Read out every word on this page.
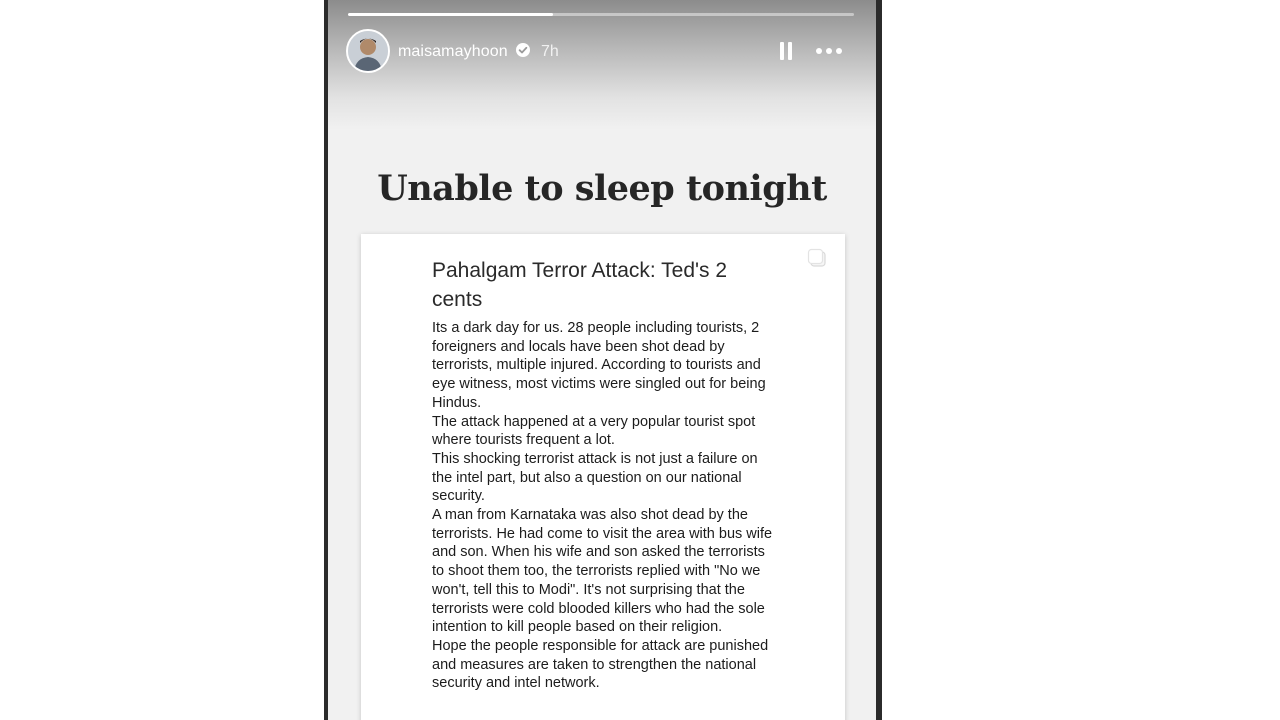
maisamayhoon 7h
Unable to sleep tonight
Pahalgam Terror Attack: Ted's 2 cents

Its a dark day for us. 28 people including tourists, 2 foreigners and locals have been shot dead by terrorists, multiple injured. According to tourists and eye witness, most victims were singled out for being Hindus.

The attack happened at a very popular tourist spot where tourists frequent a lot.

This shocking terrorist attack is not just a failure on the intel part, but also a question on our national security.

A man from Karnataka was also shot dead by the terrorists. He had come to visit the area with bus wife and son. When his wife and son asked the terrorists to shoot them too, the terrorists replied with "No we won't, tell this to Modi". It's not surprising that the terrorists were cold blooded killers who had the sole intention to kill people based on their religion.

Hope the people responsible for attack are punished and measures are taken to strengthen the national security and intel network.
